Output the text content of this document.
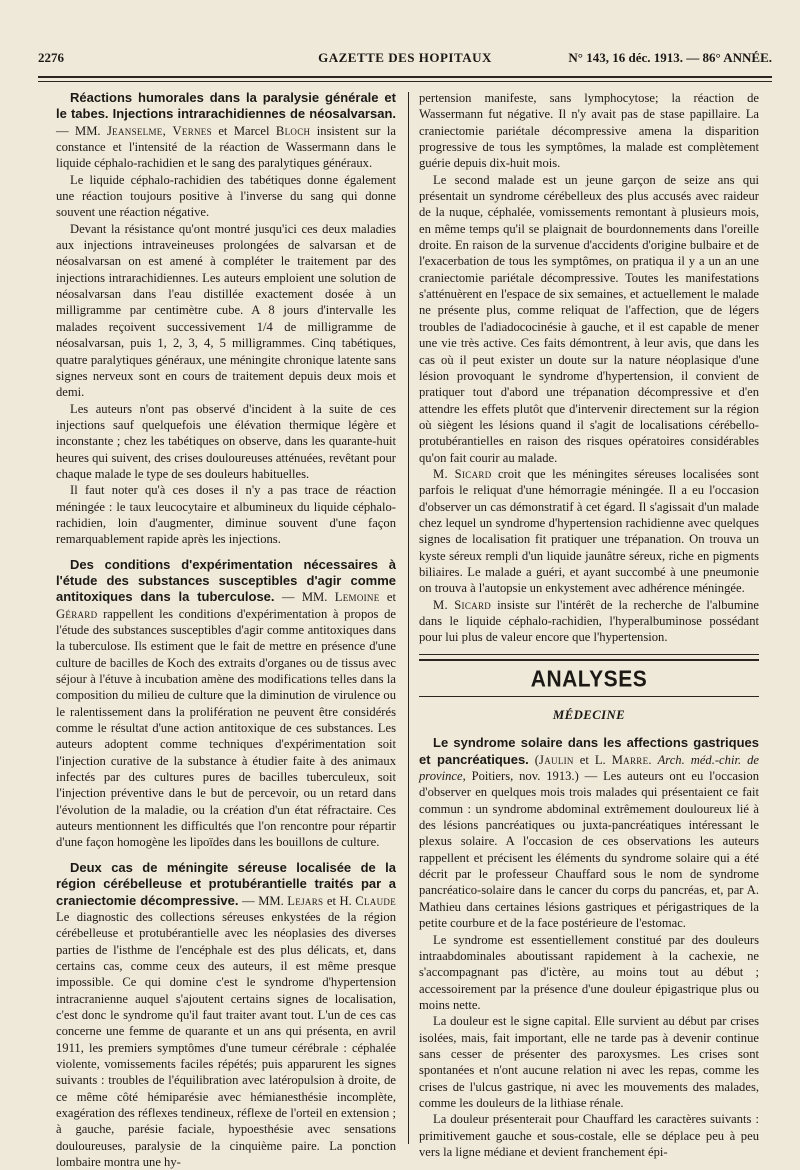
2276	GAZETTE DES HOPITAUX	N° 143, 16 déc. 1913. — 86° ANNÉE.

Réactions humorales dans la paralysie générale et le tabes. Injections intrarachidiennes de néosalvarsan. — MM. Jeanselme, Vernes et Marcel Bloch insistent sur la constance et l'intensité de la réaction de Wassermann dans le liquide céphalo-rachidien et le sang des paralytiques généraux.

Le liquide céphalo-rachidien des tabétiques donne également une réaction toujours positive à l'inverse du sang qui donne souvent une réaction négative.

Devant la résistance qu'ont montré jusqu'ici ces deux maladies aux injections intraveineuses prolongées de salvarsan et de néosalvarsan on est amené à compléter le traitement par des injections intrarachidiennes. Les auteurs emploient une solution de néosalvarsan dans l'eau distillée exactement dosée à un milligramme par centimètre cube. A 8 jours d'intervalle les malades reçoivent successivement 1/4 de milligramme de néosalvarsan, puis 1, 2, 3, 4, 5 milligrammes. Cinq tabétiques, quatre paralytiques généraux, une méningite chronique latente sans signes nerveux sont en cours de traitement depuis deux mois et demi.

Les auteurs n'ont pas observé d'incident à la suite de ces injections sauf quelquefois une élévation thermique légère et inconstante ; chez les tabétiques on observe, dans les quarante-huit heures qui suivent, des crises douloureuses atténuées, revêtant pour chaque malade le type de ses douleurs habituelles.

Il faut noter qu'à ces doses il n'y a pas trace de réaction méningée : le taux leucocytaire et albumineux du liquide céphalo-rachidien, loin d'augmenter, diminue souvent d'une façon remarquablement rapide après les injections.

Des conditions d'expérimentation nécessaires à l'étude des substances susceptibles d'agir comme antitoxiques dans la tuberculose. — MM. Lemoine et Gérard rappellent les conditions d'expérimentation à propos de l'étude des substances susceptibles d'agir comme antitoxiques dans la tuberculose. Ils estiment que le fait de mettre en présence d'une culture de bacilles de Koch des extraits d'organes ou de tissus avec séjour à l'étuve à incubation amène des modifications telles dans la composition du milieu de culture que la diminution de virulence ou le ralentissement dans la prolifération ne peuvent être considérés comme le résultat d'une action antitoxique de ces substances. Les auteurs adoptent comme techniques d'expérimentation soit l'injection curative de la substance à étudier faite à des animaux infectés par des cultures pures de bacilles tuberculeux, soit l'injection préventive dans le but de percevoir, ou un retard dans l'évolution de la maladie, ou la création d'un état réfractaire. Ces auteurs mentionnent les difficultés que l'on rencontre pour répartir d'une façon homogène les lipoïdes dans les bouillons de culture.

Deux cas de méningite séreuse localisée de la région cérébelleuse et protubérantielle traités par a craniectomie décompressive. — MM. Lejars et H. Claude Le diagnostic des collections séreuses enkystées de la région cérébelleuse et protubérantielle avec les néoplasies des diverses parties de l'isthme de l'encéphale est des plus délicats, et, dans certains cas, comme ceux des auteurs, il est même presque impossible. Ce qui domine c'est le syndrome d'hypertension intracranienne auquel s'ajoutent certains signes de localisation, c'est donc le syndrome qu'il faut traiter avant tout. L'un de ces cas concerne une femme de quarante et un ans qui présenta, en avril 1911, les premiers symptômes d'une tumeur cérébrale : céphalée violente, vomissements faciles répétés; puis apparurent les signes suivants : troubles de l'équilibration avec latéropulsion à droite, de ce même côté hémiparésie avec hémianesthésie incomplète, exagération des réflexes tendineux, réflexe de l'orteil en extension ; à gauche, parésie faciale, hypoesthésie avec sensations douloureuses, paralysie de la cinquième paire. La ponction lombaire montra une hy-

pertension manifeste, sans lymphocytose; la réaction de Wassermann fut négative. Il n'y avait pas de stase papillaire. La craniectomie pariétale décompressive amena la disparition progressive de tous les symptômes, la malade est complètement guérie depuis dix-huit mois.

Le second malade est un jeune garçon de seize ans qui présentait un syndrome cérébelleux des plus accusés avec raideur de la nuque, céphalée, vomissements remontant à plusieurs mois, en même temps qu'il se plaignait de bourdonnements dans l'oreille droite. En raison de la survenue d'accidents d'origine bulbaire et de l'exacerbation de tous les symptômes, on pratiqua il y a un an une craniectomie pariétale décompressive. Toutes les manifestations s'atténuèrent en l'espace de six semaines, et actuellement le malade ne présente plus, comme reliquat de l'affection, que de légers troubles de l'adiadococinésie à gauche, et il est capable de mener une vie très active. Ces faits démontrent, à leur avis, que dans les cas où il peut exister un doute sur la nature néoplasique d'une lésion provoquant le syndrome d'hypertension, il convient de pratiquer tout d'abord une trépanation décompressive et d'en attendre les effets plutôt que d'intervenir directement sur la région où siègent les lésions quand il s'agit de localisations cérébello-protubérantielles en raison des risques opératoires considérables qu'on fait courir au malade.

M. Sicard croit que les méningites séreuses localisées sont parfois le reliquat d'une hémorragie méningée. Il a eu l'occasion d'observer un cas démonstratif à cet égard. Il s'agissait d'un malade chez lequel un syndrome d'hypertension rachidienne avec quelques signes de localisation fit pratiquer une trépanation. On trouva un kyste séreux rempli d'un liquide jaunâtre séreux, riche en pigments biliaires. Le malade a guéri, et ayant succombé à une pneumonie on trouva à l'autopsie un enkystement avec adhérence méningée.

M. Sicard insiste sur l'intérêt de la recherche de l'albumine dans le liquide céphalo-rachidien, l'hyperalbuminose possédant pour lui plus de valeur encore que l'hypertension.

ANALYSES
MÉDECINE

Le syndrome solaire dans les affections gastriques et pancréatiques. (Jaulin et L. Marre. Arch. méd.-chir. de province, Poitiers, nov. 1913.) — Les auteurs ont eu l'occasion d'observer en quelques mois trois malades qui présentaient ce fait commun : un syndrome abdominal extrêmement douloureux lié à des lésions pancréatiques ou juxta-pancréatiques intéressant le plexus solaire. A l'occasion de ces observations les auteurs rappellent et précisent les éléments du syndrome solaire qui a été décrit par le professeur Chauffard sous le nom de syndrome pancréatico-solaire dans le cancer du corps du pancréas, et, par A. Mathieu dans certaines lésions gastriques et périgastriques de la petite courbure et de la face postérieure de l'estomac.

Le syndrome est essentiellement constitué par des douleurs intraabdominales aboutissant rapidement à la cachexie, ne s'accompagnant pas d'ictère, au moins tout au début ; accessoirement par la présence d'une douleur épigastrique plus ou moins nette.

La douleur est le signe capital. Elle survient au début par crises isolées, mais, fait important, elle ne tarde pas à devenir continue sans cesser de présenter des paroxysmes. Les crises sont spontanées et n'ont aucune relation ni avec les repas, comme les crises de l'ulcus gastrique, ni avec les mouvements des malades, comme les douleurs de la lithiase rénale.

La douleur présenterait pour Chauffard les caractères suivants : primitivement gauche et sous-costale, elle se déplace peu à peu vers la ligne médiane et devient franchement épi-
